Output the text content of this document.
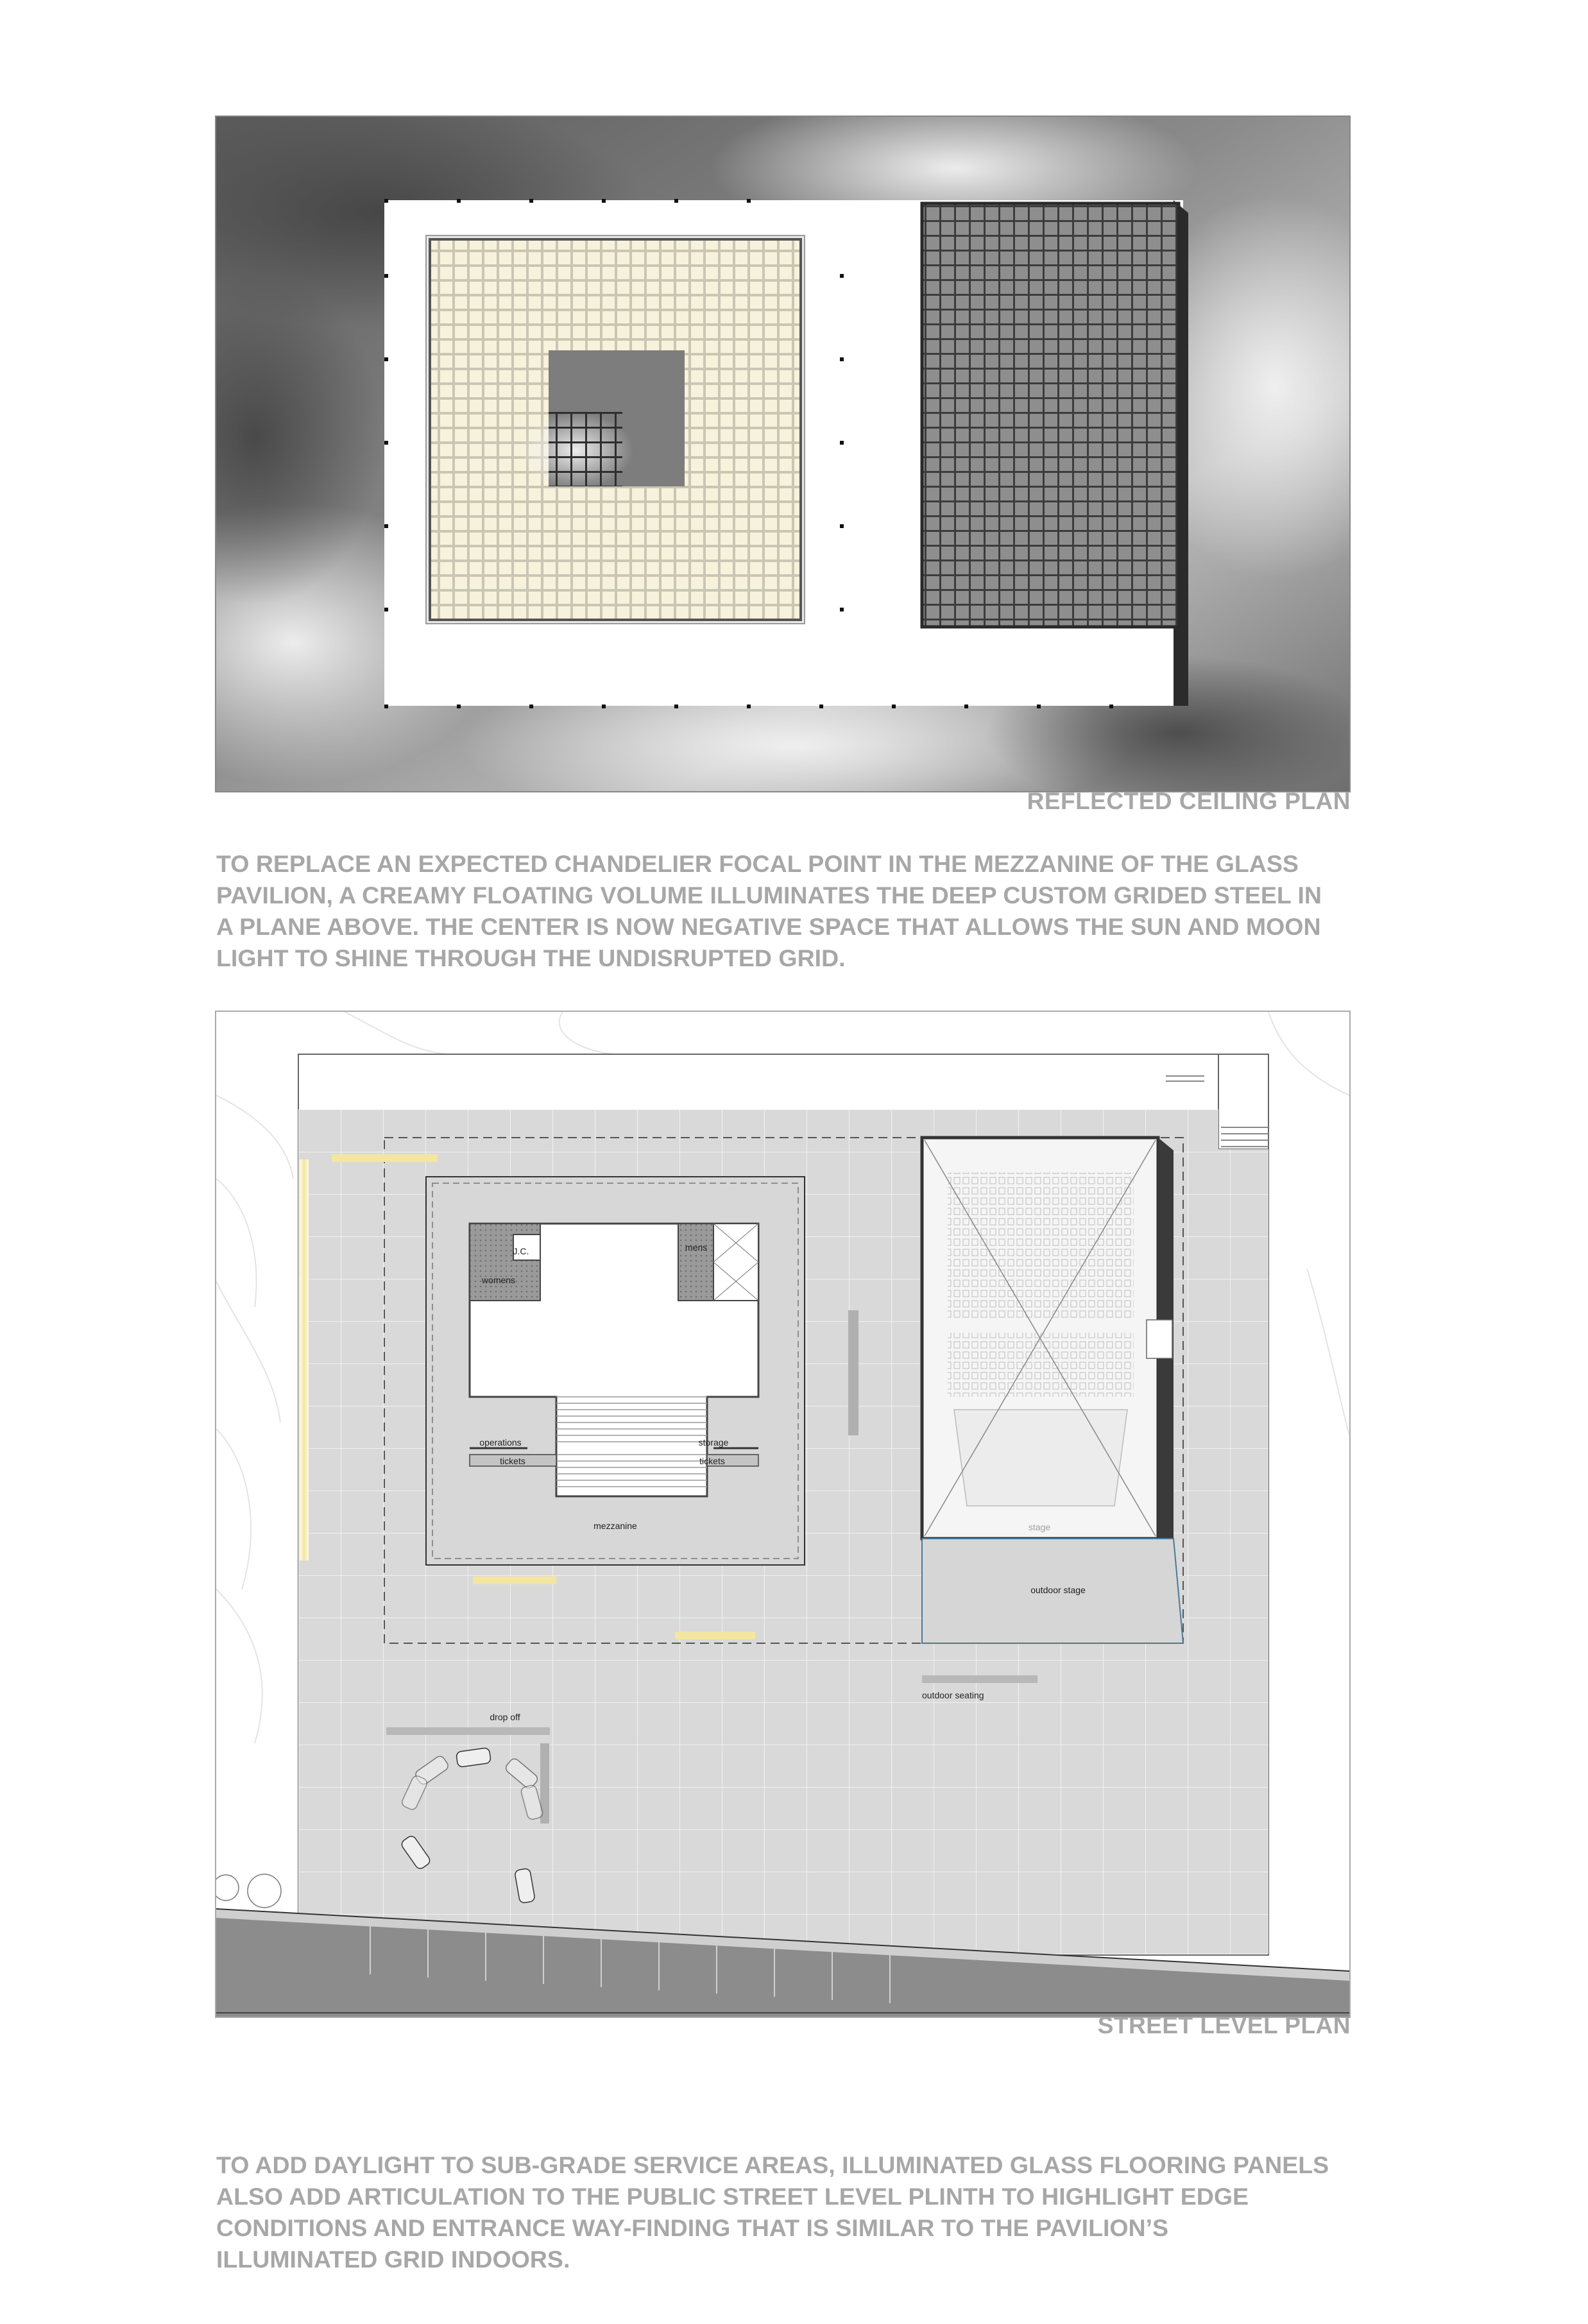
REFLECTED CEILING PLAN
TO REPLACE AN EXPECTED CHANDELIER FOCAL POINT IN THE MEZZANINE OF THE GLASS
PAVILION, A CREAMY FLOATING VOLUME ILLUMINATES THE DEEP CUSTOM GRIDED STEEL IN
A PLANE ABOVE. THE CENTER IS NOW NEGATIVE SPACE THAT ALLOWS THE SUN AND MOON
LIGHT TO SHINE THROUGH THE UNDISRUPTED GRID.
J.C.
womens
mens
operations
tickets
storage
tickets
mezzanine	stage
outdoor stage
outdoor seating
drop off
STREET LEVEL PLAN
TO ADD DAYLIGHT TO SUB-GRADE SERVICE AREAS, ILLUMINATED GLASS FLOORING PANELS
ALSO ADD ARTICULATION TO THE PUBLIC STREET LEVEL PLINTH TO HIGHLIGHT EDGE
CONDITIONS AND ENTRANCE WAY-FINDING THAT IS SIMILAR TO THE PAVILION’S
ILLUMINATED GRID INDOORS.
